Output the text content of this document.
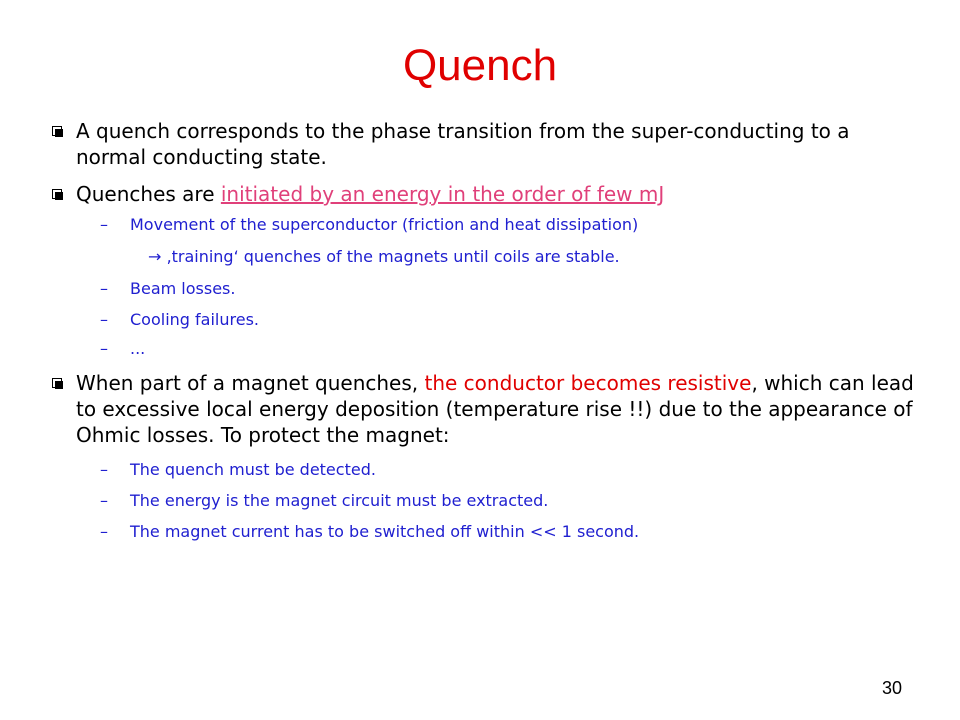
Quench
A quench corresponds to the phase transition from the super-conducting to a normal conducting state.
Quenches are initiated by an energy in the order of few mJ
– Movement of the superconductor (friction and heat dissipation)
→ ‚training‘ quenches of the magnets until coils are stable.
– Beam losses.
– Cooling failures.
– ...
When part of a magnet quenches, the conductor becomes resistive, which can lead to excessive local energy deposition (temperature rise !!) due to the appearance of Ohmic losses. To protect the magnet:
– The quench must be detected.
– The energy is the magnet circuit must be extracted.
– The magnet current has to be switched off within << 1 second.
30
